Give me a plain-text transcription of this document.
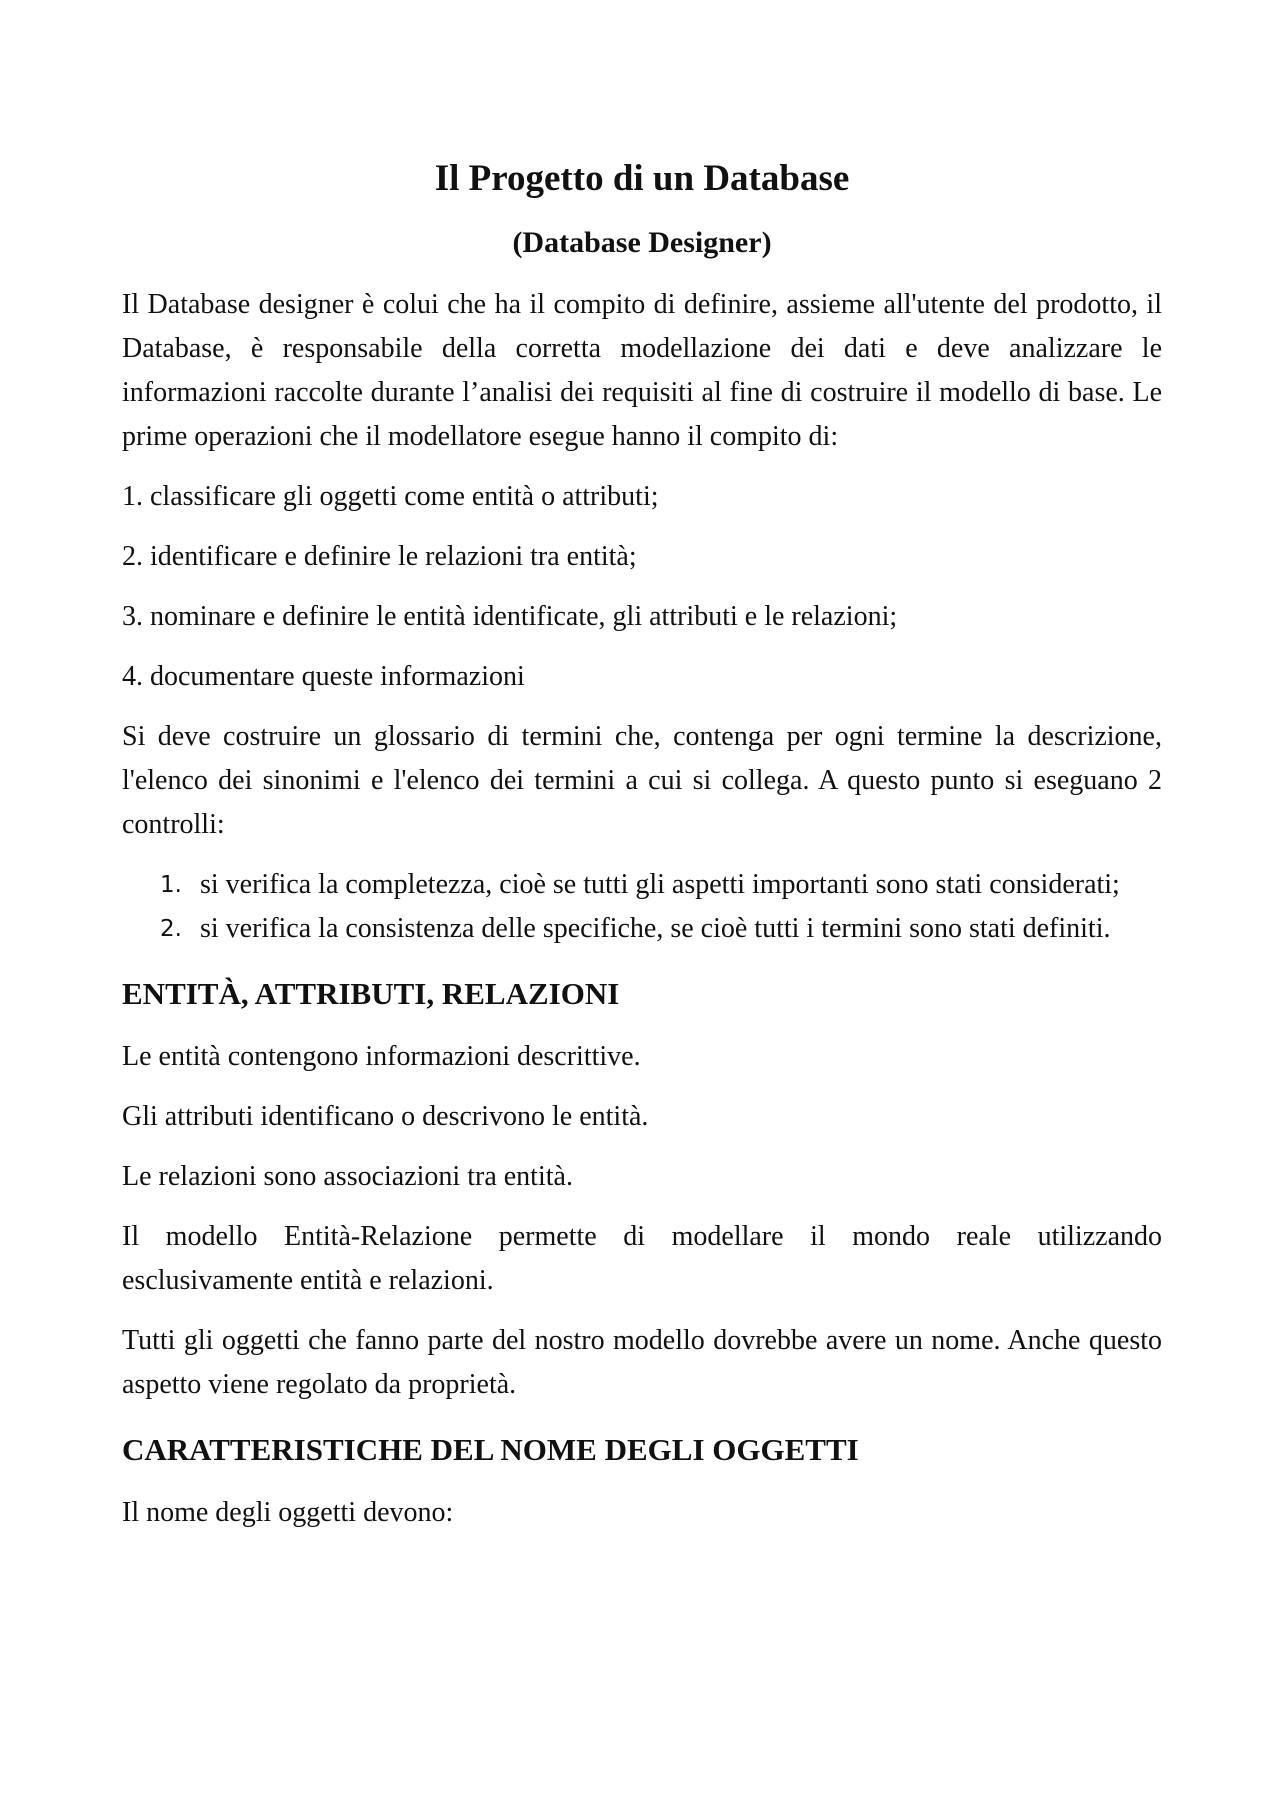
Il Progetto di un Database
(Database Designer)

Il Database designer è colui che ha il compito di definire, assieme all'utente del prodotto, il Database, è responsabile della corretta modellazione dei dati e deve analizzare le informazioni raccolte durante l’analisi dei requisiti al fine di costruire il modello di base. Le prime operazioni che il modellatore esegue hanno il compito di:

1. classificare gli oggetti come entità o attributi;

2. identificare e definire le relazioni tra entità;

3. nominare e definire le entità identificate, gli attributi e le relazioni;

4. documentare queste informazioni

Si deve costruire un glossario di termini che, contenga per ogni termine la descrizione, l'elenco dei sinonimi e l'elenco dei termini a cui si collega. A questo punto si eseguano 2 controlli:

1. si verifica la completezza, cioè se tutti gli aspetti importanti sono stati considerati;
2. si verifica la consistenza delle specifiche, se cioè tutti i termini sono stati definiti.
ENTITÀ, ATTRIBUTI, RELAZIONI

Le entità contengono informazioni descrittive.

Gli attributi identificano o descrivono le entità.

Le relazioni sono associazioni tra entità.

Il modello Entità-Relazione permette di modellare il mondo reale utilizzando esclusivamente entità e relazioni.

Tutti gli oggetti che fanno parte del nostro modello dovrebbe avere un nome. Anche questo aspetto viene regolato da proprietà.

CARATTERISTICHE DEL NOME DEGLI OGGETTI

Il nome degli oggetti devono:
